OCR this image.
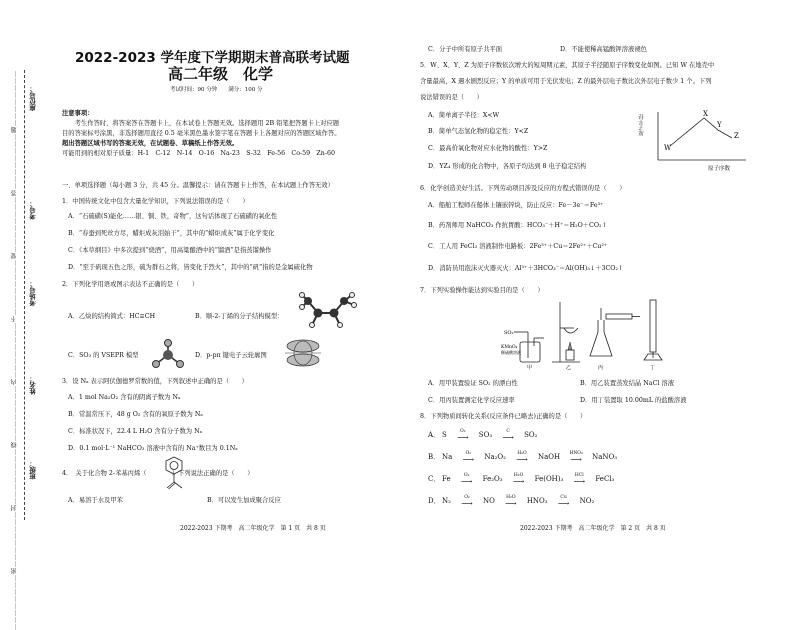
……………………密……………………封……………………线……………………内……………………不……………………要……………………答……………………题…………………… 座位号：
考号：
考场号：
姓名：
班级：
2022-2023 学年度下学期期末普高联考试题
高二年级　化学
考试时间：90 分钟　　满分：100 分
注意事项：
　　考生作答时，将答案答在答题卡上，在本试卷上答题无效。选择题用 2B 铅笔把答题卡上对应题
目的答案标号涂黑，非选择题用直径 0.5 毫米黑色墨水签字笔在答题卡上各题对应的答题区域作答。
超出答题区域书写的答案无效，在试题卷、草稿纸上作答无效。
可能用到的相对原子质量：H-1　C-12　N-14　O-16　Na-23　S-32　Fe-56　Co-59　Zn-60
一、单项选择题（每小题 3 分，共 45 分。温馨提示：请在答题卡上作答，在本试题上作答无效）
1．中国传统文化中包含大量化学知识，下列说法错误的是（　　）
A．“石硫磺(S)能化……银、铜、铁，奇物”，这句话体现了石硫磺的氧化性
B．“春蚕到死丝方尽，蜡炬成灰泪始干”，其中的“蜡炬成灰”属于化学变化
C．《本草纲目》中多次提到“烧酒”，用高粱酿酒中的“馏酒”是指蒸馏操作
D．“至于矾现五色之形，硫为群石之将，皆变化于烈火”，其中的“矾”指的是金属硫化物
2．下列化学用语或图示表达不正确的是（　　）
A．乙炔的结构简式：HC≡CH	B．顺-2-丁烯的分子结构模型：
C．SO₃ 的 VSEPR 模型	D．p-pπ 键电子云轮廓图
3．设 Nₐ 表示阿伏伽德罗常数的值，下列叙述中正确的是（　　）
A．1 mol Na₂O₂ 含有的阴离子数为 Nₐ
B．常温常压下，48 g O₂ 含有的氧原子数为 Nₐ
C．标准状况下，22.4 L H₂O 含有分子数为 Nₐ
D．0.1 mol·L⁻¹ NaHCO₃ 溶液中含有的 Na⁺数目为 0.1Nₐ
4．　关于化合物 2-苯基丙烯（　　　　）下列说法正确的是（　　）
A．易溶于水及甲苯	B．可以发生加成聚合反应
2022-2023 下期考　高二年级化学　第 1 页　共 8 页
C．分子中所有原子共平面	D．不能使稀高锰酸钾溶液褪色
5．W、X、Y、Z 为原子序数依次增大的短周期元素，其原子半径随原子序数变化如图。已知 W 在地壳中
含量最高，X 遇水剧烈反应；Y 的单质可用于光伏发电；Z 的最外层电子数比次外层电子数少 1 个。下列
说法错误的是（　　）
A．简单离子半径：X<W
B．简单气态氢化物的稳定性：Y<Z
C．最高价氧化物对应水化物的酸性：Y>Z
D．YZ₄ 形成的化合物中，各原子均达到 8 电子稳定结构
W
X
Y
Z
原子序数
原子半径
6．化学创造美好生活。下列劳动项目涉及反应的方程式错误的是（　　）
A．船舶工程师在船体上镶嵌锌块，防止反应：Fe－3e⁻＝Fe³⁺
B．药剂师用 NaHCO₃ 作抗胃酸：HCO₃⁻＋H⁺＝H₂O＋CO₂↑
C．工人用 FeCl₃ 溶液制作电路板：2Fe³⁺＋Cu＝2Fe²⁺＋Cu²⁺
D．消防员用泡沫灭火器灭火：Al³⁺＋3HCO₃⁻＝Al(OH)₃↓＋3CO₂↑
7．下列实验操作能达到实验目的是（　　）
SO₂
KMnO₄
稀硫酸溶液
甲	乙	丙	丁
A．用甲装置验证 SO₂ 的漂白性	B．用乙装置蒸发结晶 NaCl 溶液
C．用丙装置测定化学反应速率	D．用丁装置取 10.00mL 的盐酸溶液
8．下列物质间转化关系(反应条件已略去)正确的是（　　）
A． S	O₂
⟶ SO₃	C
⟶ SO₂
B． Na	O₂
⟶ Na₂O₂	H₂O
⟶ NaOH HNO₃
⟶ NaNO₃
C． Fe	O₂
⟶ Fe₂O₃	H₂O
⟶ Fe(OH)₃	HCl
⟶ FeCl₃
D． N₂	O₂
⟶ NO	H₂O
⟶ HNO₃	Cu
⟶ NO₂
2022-2023 下期考　高二年级化学　第 2 页　共 8 页
